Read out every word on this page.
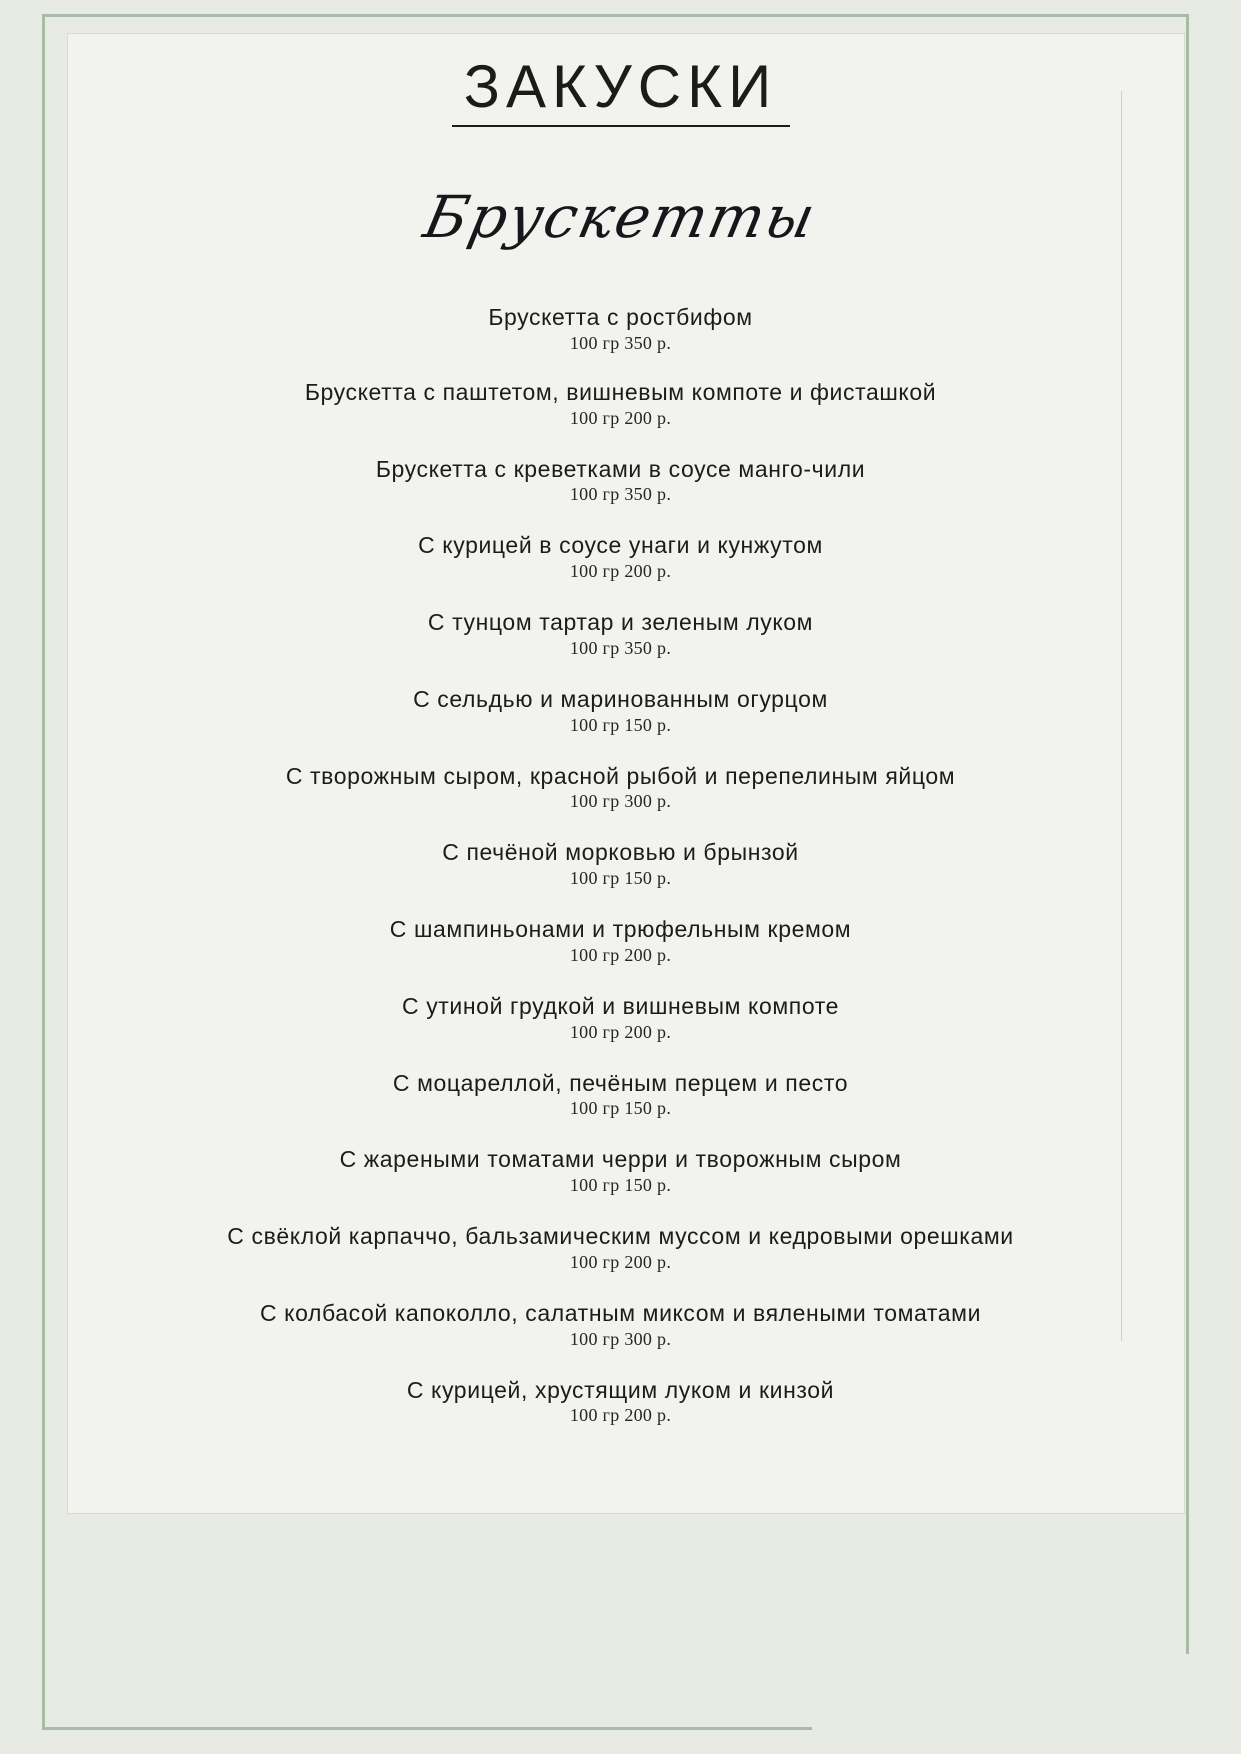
ЗАКУСКИ
Брускетты
Брускетта с ростбифом
100 гр 350 р.
Брускетта с паштетом, вишневым компоте и фисташкой
100 гр 200 р.
Брускетта с креветками в соусе манго-чили
100 гр 350 р.
С курицей в соусе унаги и кунжутом
100 гр 200 р.
С тунцом тартар и зеленым луком
100 гр 350 р.
С сельдью и маринованным огурцом
100 гр 150 р.
С творожным сыром, красной рыбой и перепелиным яйцом
100 гр 300 р.
С печёной морковью и брынзой
100 гр 150 р.
С шампиньонами и трюфельным кремом
100 гр 200 р.
С утиной грудкой и вишневым компоте
100 гр 200 р.
С моцареллой, печёным перцем и песто
100 гр 150 р.
С жареными томатами черри и творожным сыром
100 гр 150 р.
С свёклой карпаччо, бальзамическим муссом и кедровыми орешками
100 гр 200 р.
С колбасой капоколло, салатным миксом и вялеными томатами
100 гр 300 р.
С курицей, хрустящим луком и кинзой
100 гр 200 р.
